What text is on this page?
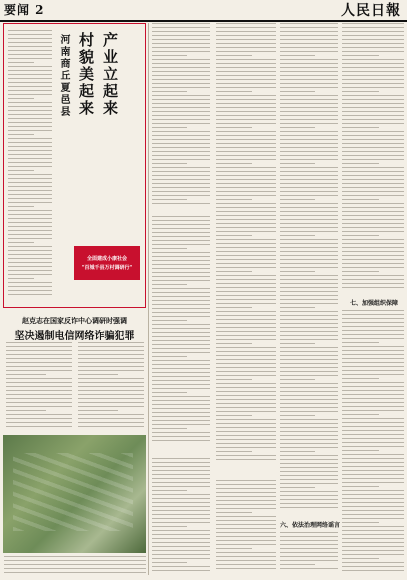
要闻 2	人民日報
河南商丘夏邑县 产业立起来
村貌美起来
全面建成小康社会
"百城千县万村调研行"
赵克志在国家反诈中心调研时强调
坚决遏制电信网络诈骗犯罪
六、依法治理网络谣言
七、加强组织保障
